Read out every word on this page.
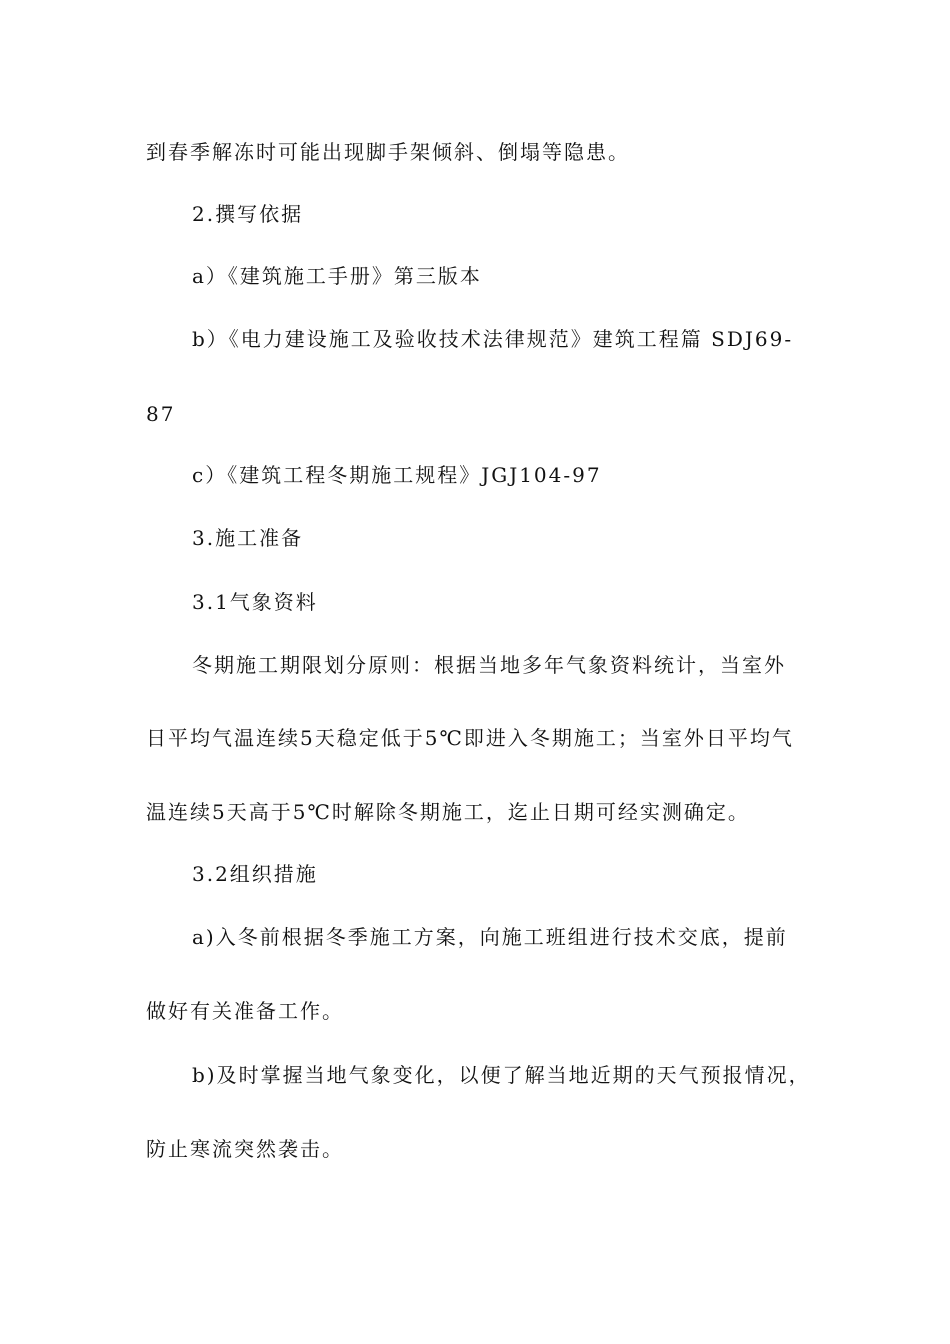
到春季解冻时可能出现脚手架倾斜、倒塌等隐患。
2.撰写依据
a）《建筑施工手册》第三版本
b）《电力建设施工及验收技术法律规范》建筑工程篇 SDJ69-
87
c）《建筑工程冬期施工规程》JGJ104-97
3.施工准备
3.1气象资料
冬期施工期限划分原则：根据当地多年气象资料统计，当室外
日平均气温连续5天稳定低于5℃即进入冬期施工；当室外日平均气
温连续5天高于5℃时解除冬期施工，迄止日期可经实测确定。
3.2组织措施
a)入冬前根据冬季施工方案，向施工班组进行技术交底，提前
做好有关准备工作。
b)及时掌握当地气象变化，以便了解当地近期的天气预报情况，
防止寒流突然袭击。
